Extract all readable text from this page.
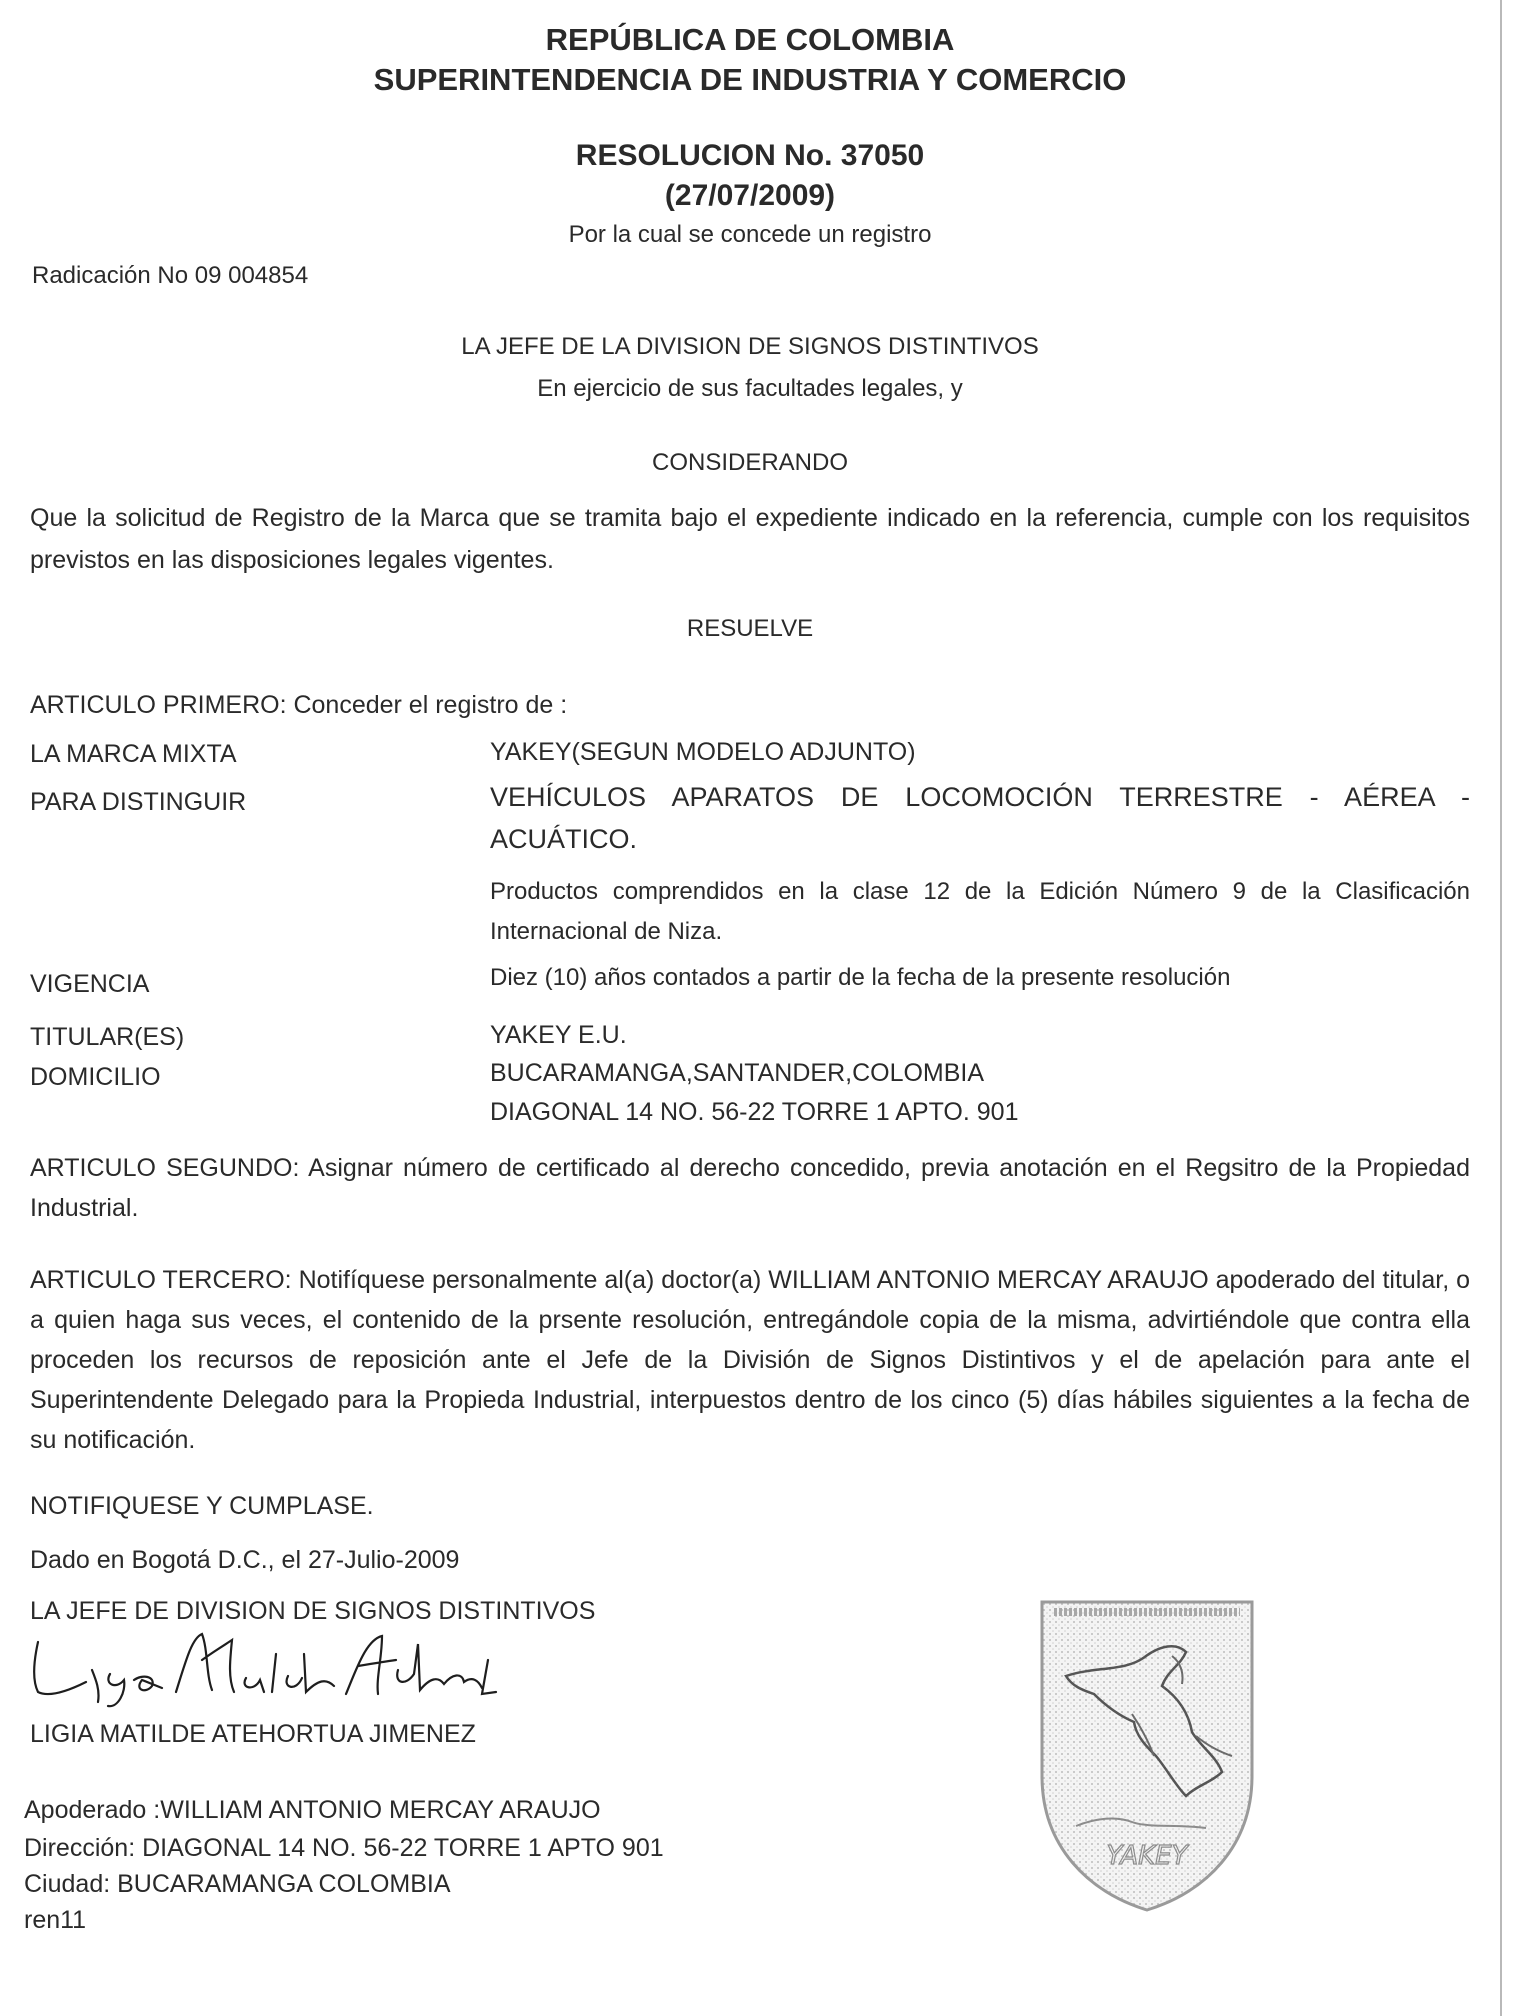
REPÚBLICA DE COLOMBIA
SUPERINTENDENCIA DE INDUSTRIA Y COMERCIO
RESOLUCION No. 37050
(27/07/2009)
Por la cual se concede un registro
Radicación No 09 004854
LA JEFE DE LA DIVISION DE SIGNOS DISTINTIVOS
En ejercicio de sus facultades legales, y
CONSIDERANDO
Que la solicitud de Registro de la Marca que se tramita bajo el expediente indicado en la referencia, cumple con los requisitos previstos en las disposiciones legales vigentes.
RESUELVE
ARTICULO PRIMERO: Conceder el registro de :
LA MARCA MIXTA	YAKEY(SEGUN MODELO ADJUNTO)
PARA DISTINGUIR	VEHÍCULOS APARATOS DE LOCOMOCIÓN TERRESTRE - AÉREA - ACUÁTICO.
Productos comprendidos en la clase 12 de la Edición Número 9 de la Clasificación Internacional de Niza.
VIGENCIA	Diez (10) años contados a partir de la fecha de la presente resolución
TITULAR(ES)	YAKEY E.U.
DOMICILIO	BUCARAMANGA,SANTANDER,COLOMBIA
DIAGONAL 14 NO. 56-22 TORRE 1 APTO. 901
ARTICULO SEGUNDO: Asignar número de certificado al derecho concedido, previa anotación en el Regsitro de la Propiedad Industrial.
ARTICULO TERCERO: Notifíquese personalmente al(a) doctor(a) WILLIAM ANTONIO MERCAY ARAUJO apoderado del titular, o a quien haga sus veces, el contenido de la prsente resolución, entregándole copia de la misma, advirtiéndole que contra ella proceden los recursos de reposición ante el Jefe de la División de Signos Distintivos y el de apelación para ante el Superintendente Delegado para la Propieda Industrial, interpuestos dentro de los cinco (5) días hábiles siguientes a la fecha de su notificación.
NOTIFIQUESE Y CUMPLASE.
Dado en Bogotá D.C., el 27-Julio-2009
LA JEFE DE DIVISION DE SIGNOS DISTINTIVOS
LIGIA MATILDE ATEHORTUA JIMENEZ
Apoderado :WILLIAM ANTONIO MERCAY ARAUJO
Dirección: DIAGONAL 14 NO. 56-22 TORRE 1 APTO 901
Ciudad: BUCARAMANGA COLOMBIA
ren11
YAKEY
